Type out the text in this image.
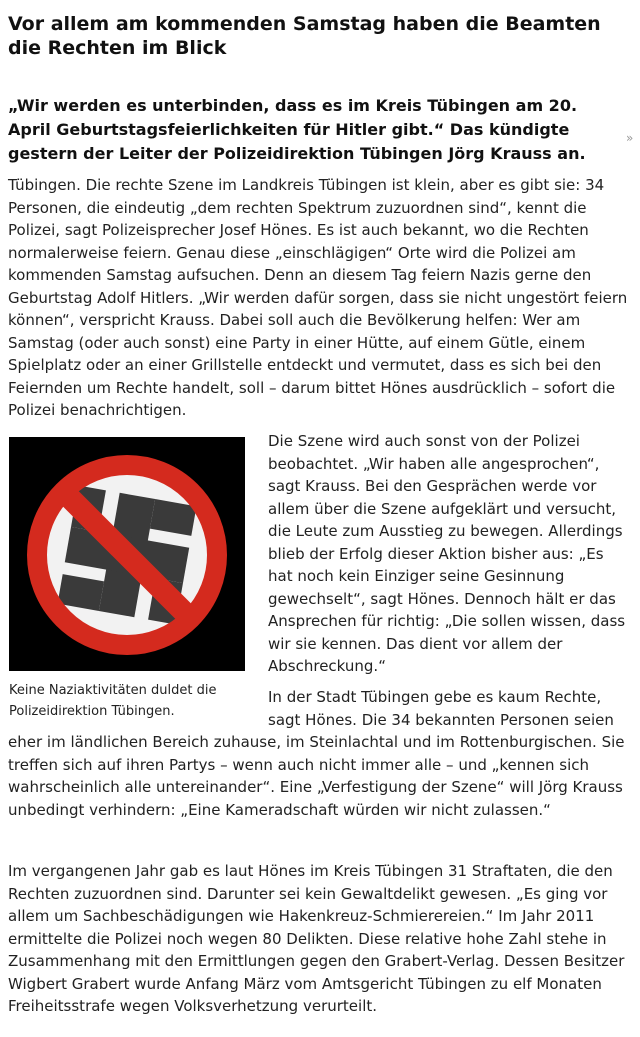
Vor allem am kommenden Samstag haben die Beamten die Rechten im Blick

„Wir werden es unterbinden, dass es im Kreis Tübingen am 20. April Geburtstagsfeierlichkeiten für Hitler gibt.“ Das kündigte gestern der Leiter der Polizeidirektion Tübingen Jörg Krauss an.

»

Tübingen. Die rechte Szene im Landkreis Tübingen ist klein, aber es gibt sie: 34 Personen, die eindeutig „dem rechten Spektrum zuzuordnen sind“, kennt die Polizei, sagt Polizeisprecher Josef Hönes. Es ist auch bekannt, wo die Rechten normalerweise feiern. Genau diese „einschlägigen“ Orte wird die Polizei am kommenden Samstag aufsuchen. Denn an diesem Tag feiern Nazis gerne den Geburtstag Adolf Hitlers. „Wir werden dafür sorgen, dass sie nicht ungestört feiern können“, verspricht Krauss. Dabei soll auch die Bevölkerung helfen: Wer am Samstag (oder auch sonst) eine Party in einer Hütte, auf einem Gütle, einem Spielplatz oder an einer Grillstelle entdeckt und vermutet, dass es sich bei den Feiernden um Rechte handelt, soll – darum bittet Hönes ausdrücklich – sofort die Polizei benachrichtigen.

Keine Naziaktivitäten duldet die Polizeidirektion Tübingen.

Die Szene wird auch sonst von der Polizei beobachtet. „Wir haben alle angesprochen“, sagt Krauss. Bei den Gesprächen werde vor allem über die Szene aufgeklärt und versucht, die Leute zum Ausstieg zu bewegen. Allerdings blieb der Erfolg dieser Aktion bisher aus: „Es hat noch kein Einziger seine Gesinnung gewechselt“, sagt Hönes. Dennoch hält er das Ansprechen für richtig: „Die sollen wissen, dass wir sie kennen. Das dient vor allem der Abschreckung.“

In der Stadt Tübingen gebe es kaum Rechte, sagt Hönes. Die 34 bekannten Personen seien

eher im ländlichen Bereich zuhause, im Steinlachtal und im Rottenburgischen. Sie treffen sich auf ihren Partys – wenn auch nicht immer alle – und „kennen sich wahrscheinlich alle untereinander“. Eine „Verfestigung der Szene“ will Jörg Krauss unbedingt verhindern: „Eine Kameradschaft würden wir nicht zulassen.“

Im vergangenen Jahr gab es laut Hönes im Kreis Tübingen 31 Straftaten, die den Rechten zuzuordnen sind. Darunter sei kein Gewaltdelikt gewesen. „Es ging vor allem um Sachbeschädigungen wie Hakenkreuz-Schmierereien.“ Im Jahr 2011 ermittelte die Polizei noch wegen 80 Delikten. Diese relative hohe Zahl stehe in Zusammenhang mit den Ermittlungen gegen den Grabert-Verlag. Dessen Besitzer Wigbert Grabert wurde Anfang März vom Amtsgericht Tübingen zu elf Monaten Freiheitsstrafe wegen Volksverhetzung verurteilt.
